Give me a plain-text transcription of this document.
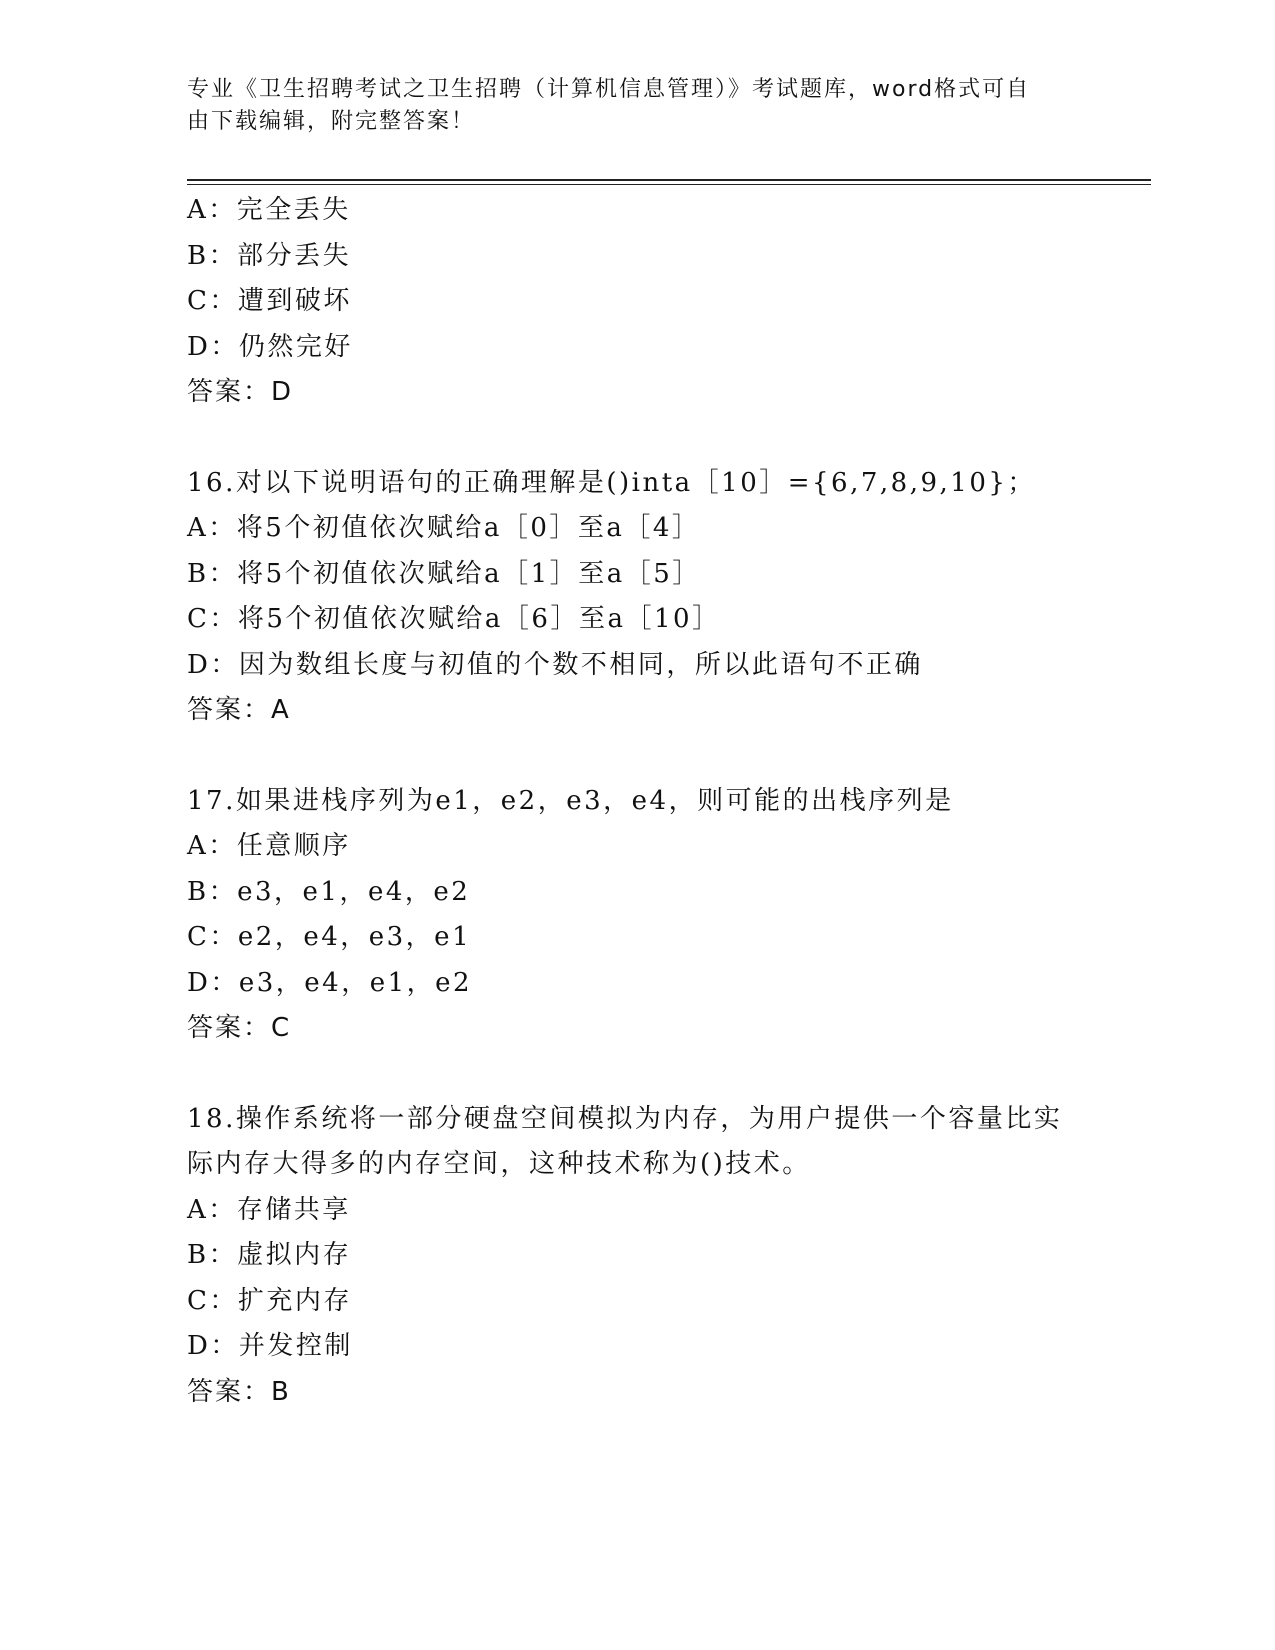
专业《卫生招聘考试之卫生招聘（计算机信息管理）》考试题库，word格式可自
由下载编辑，附完整答案！
A：完全丢失
B：部分丢失
C：遭到破坏
D：仍然完好
答案：D
16.对以下说明语句的正确理解是()inta［10］={6,7,8,9,10}；
A：将5个初值依次赋给a［0］至a［4］
B：将5个初值依次赋给a［1］至a［5］
C：将5个初值依次赋给a［6］至a［10］
D：因为数组长度与初值的个数不相同，所以此语句不正确
答案：A
17.如果进栈序列为e1，e2，e3，e4，则可能的出栈序列是
A：任意顺序
B：e3，e1，e4，e2
C：e2，e4，e3，e1
D：e3，e4，e1，e2
答案：C
18.操作系统将一部分硬盘空间模拟为内存，为用户提供一个容量比实
际内存大得多的内存空间，这种技术称为()技术。
A：存储共享
B：虚拟内存
C：扩充内存
D：并发控制
答案：B
